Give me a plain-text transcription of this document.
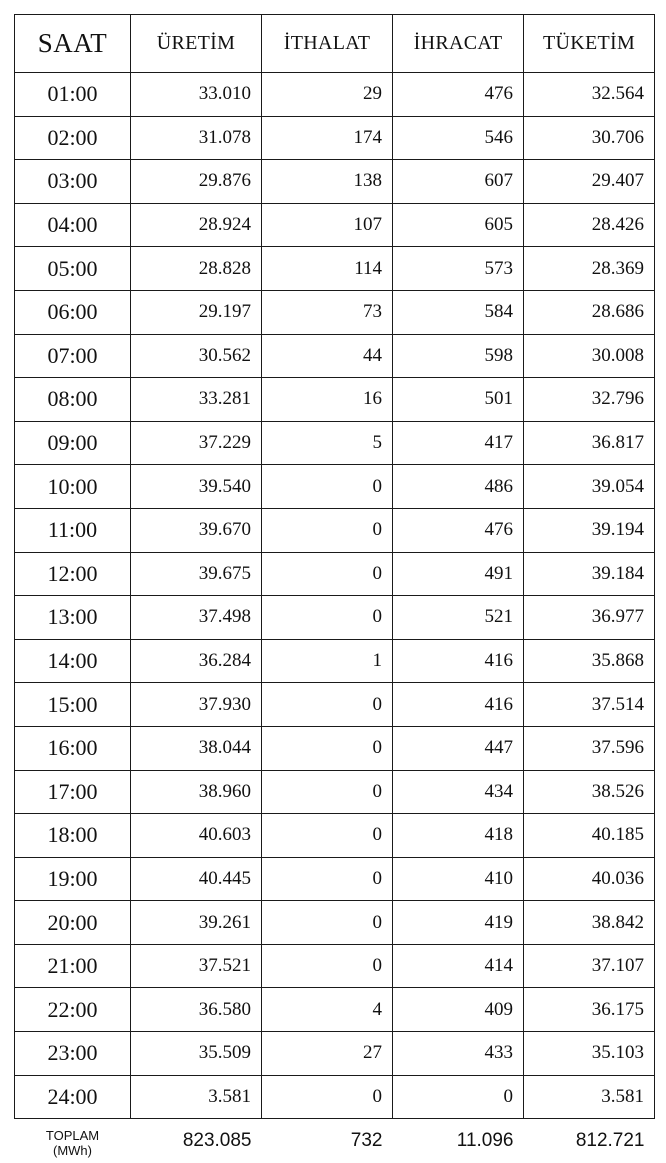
SAAT	ÜRETİM	İTHALAT	İHRACAT	TÜKETİM
01:00	33.010	29	476	32.564
02:00	31.078	174	546	30.706
03:00	29.876	138	607	29.407
04:00	28.924	107	605	28.426
05:00	28.828	114	573	28.369
06:00	29.197	73	584	28.686
07:00	30.562	44	598	30.008
08:00	33.281	16	501	32.796
09:00	37.229	5	417	36.817
10:00	39.540	0	486	39.054
11:00	39.670	0	476	39.194
12:00	39.675	0	491	39.184
13:00	37.498	0	521	36.977
14:00	36.284	1	416	35.868
15:00	37.930	0	416	37.514
16:00	38.044	0	447	37.596
17:00	38.960	0	434	38.526
18:00	40.603	0	418	40.185
19:00	40.445	0	410	40.036
20:00	39.261	0	419	38.842
21:00	37.521	0	414	37.107
22:00	36.580	4	409	36.175
23:00	35.509	27	433	35.103
24:00	3.581	0	0	3.581

TOPLAM
(MWh)	823.085	732	11.096	812.721
